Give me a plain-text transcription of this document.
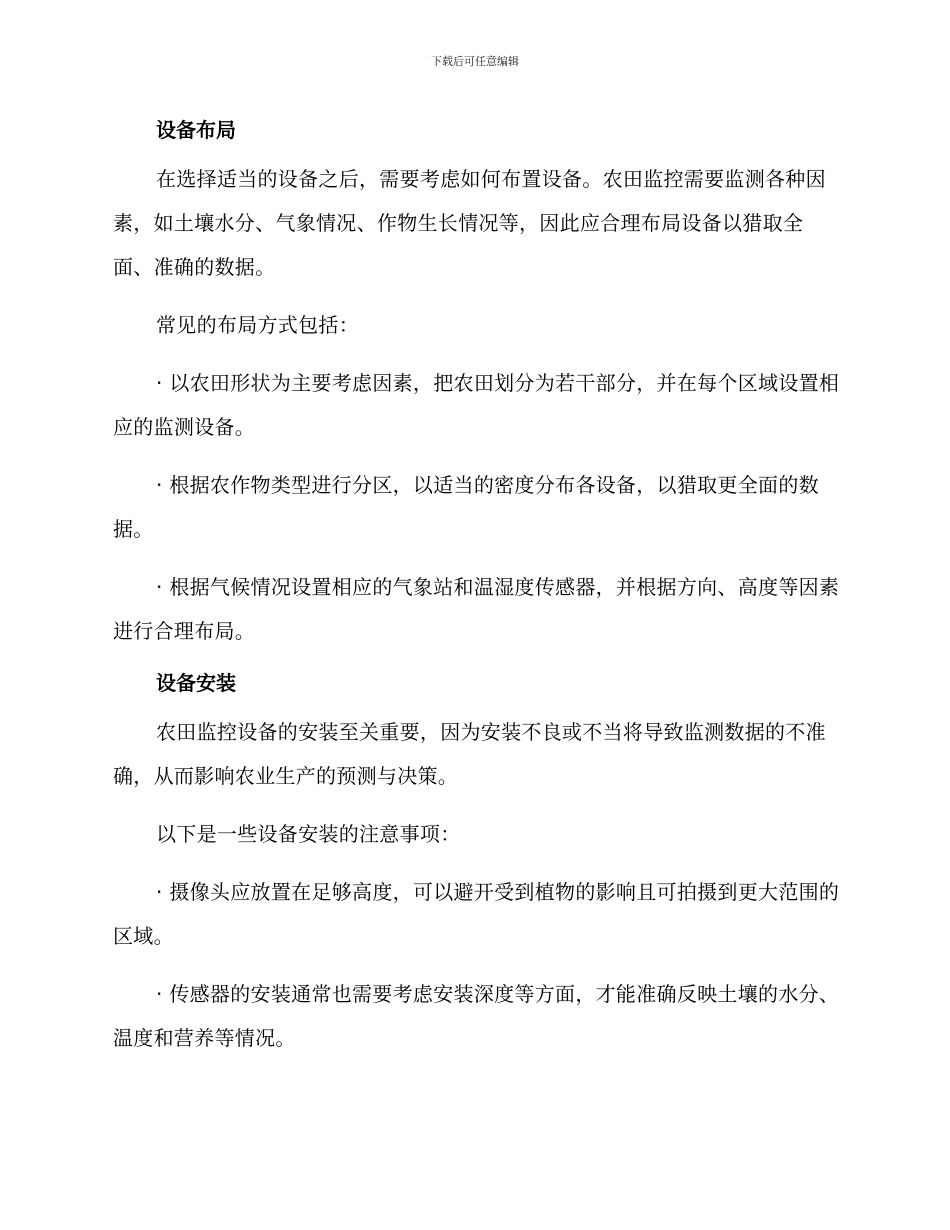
下载后可任意编辑
设备布局

在选择适当的设备之后，需要考虑如何布置设备。农田监控需要监测各种因素，如土壤水分、气象情况、作物生长情况等，因此应合理布局设备以猎取全面、准确的数据。

常见的布局方式包括：

· 以农田形状为主要考虑因素，把农田划分为若干部分，并在每个区域设置相应的监测设备。

· 根据农作物类型进行分区，以适当的密度分布各设备，以猎取更全面的数据。

· 根据气候情况设置相应的气象站和温湿度传感器，并根据方向、高度等因素进行合理布局。

设备安装

农田监控设备的安装至关重要，因为安装不良或不当将导致监测数据的不准确，从而影响农业生产的预测与决策。

以下是一些设备安装的注意事项：

· 摄像头应放置在足够高度，可以避开受到植物的影响且可拍摄到更大范围的区域。

· 传感器的安装通常也需要考虑安装深度等方面，才能准确反映土壤的水分、温度和营养等情况。
